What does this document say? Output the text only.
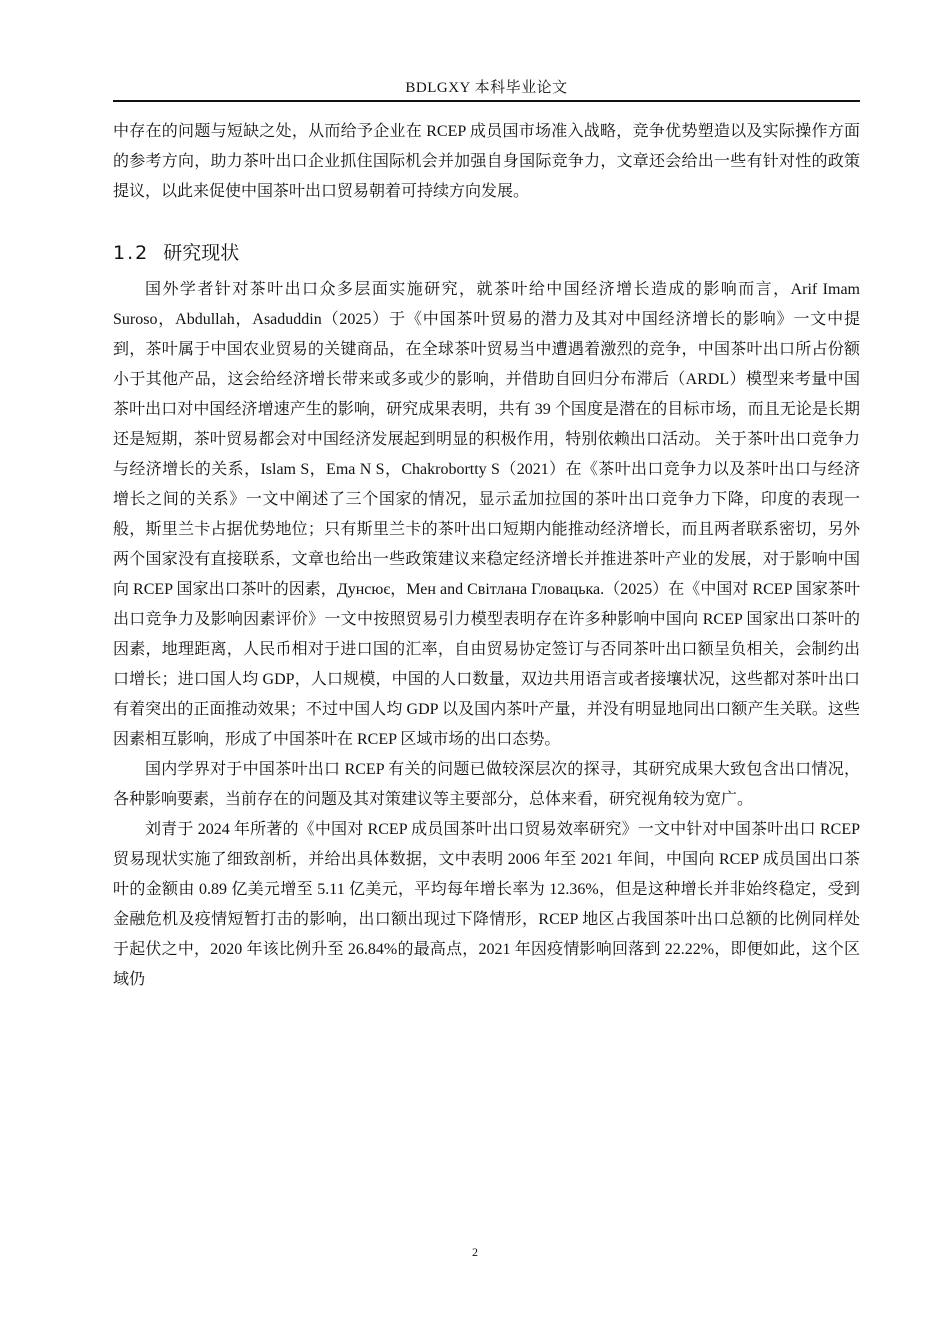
BDLGXY 本科毕业论文

中存在的问题与短缺之处，从而给予企业在 RCEP 成员国市场准入战略，竞争优势塑造以及实际操作方面的参考方向，助力茶叶出口企业抓住国际机会并加强自身国际竞争力，文章还会给出一些有针对性的政策提议，以此来促使中国茶叶出口贸易朝着可持续方向发展。

1.2 研究现状

国外学者针对茶叶出口众多层面实施研究，就茶叶给中国经济增长造成的影响而言，Arif Imam Suroso，Abdullah，Asaduddin（2025）于《中国茶叶贸易的潜力及其对中国经济增长的影响》一文中提到，茶叶属于中国农业贸易的关键商品，在全球茶叶贸易当中遭遇着激烈的竞争，中国茶叶出口所占份额小于其他产品，这会给经济增长带来或多或少的影响，并借助自回归分布滞后（ARDL）模型来考量中国茶叶出口对中国经济增速产生的影响，研究成果表明，共有 39 个国度是潜在的目标市场，而且无论是长期还是短期，茶叶贸易都会对中国经济发展起到明显的积极作用，特别依赖出口活动。 关于茶叶出口竞争力与经济增长的关系，Islam S，Ema N S，Chakrobortty S（2021）在《茶叶出口竞争力以及茶叶出口与经济增长之间的关系》一文中阐述了三个国家的情况，显示孟加拉国的茶叶出口竞争力下降，印度的表现一般，斯里兰卡占据优势地位；只有斯里兰卡的茶叶出口短期内能推动经济增长，而且两者联系密切，另外两个国家没有直接联系，文章也给出一些政策建议来稳定经济增长并推进茶叶产业的发展，对于影响中国向 RCEP 国家出口茶叶的因素，Дунсює，Мен and Світлана Гловацька.（2025）在《中国对 RCEP 国家茶叶出口竞争力及影响因素评价》一文中按照贸易引力模型表明存在许多种影响中国向 RCEP 国家出口茶叶的因素，地理距离，人民币相对于进口国的汇率，自由贸易协定签订与否同茶叶出口额呈负相关，会制约出口增长；进口国人均 GDP，人口规模，中国的人口数量，双边共用语言或者接壤状况，这些都对茶叶出口有着突出的正面推动效果；不过中国人均 GDP 以及国内茶叶产量，并没有明显地同出口额产生关联。这些因素相互影响，形成了中国茶叶在 RCEP 区域市场的出口态势。

国内学界对于中国茶叶出口 RCEP 有关的问题已做较深层次的探寻，其研究成果大致包含出口情况，各种影响要素，当前存在的问题及其对策建议等主要部分，总体来看，研究视角较为宽广。

刘青于 2024 年所著的《中国对 RCEP 成员国茶叶出口贸易效率研究》一文中针对中国茶叶出口 RCEP 贸易现状实施了细致剖析，并给出具体数据，文中表明 2006 年至 2021 年间，中国向 RCEP 成员国出口茶叶的金额由 0.89 亿美元增至 5.11 亿美元，平均每年增长率为 12.36%，但是这种增长并非始终稳定，受到金融危机及疫情短暂打击的影响，出口额出现过下降情形，RCEP 地区占我国茶叶出口总额的比例同样处于起伏之中，2020 年该比例升至 26.84%的最高点，2021 年因疫情影响回落到 22.22%，即便如此，这个区域仍

2
